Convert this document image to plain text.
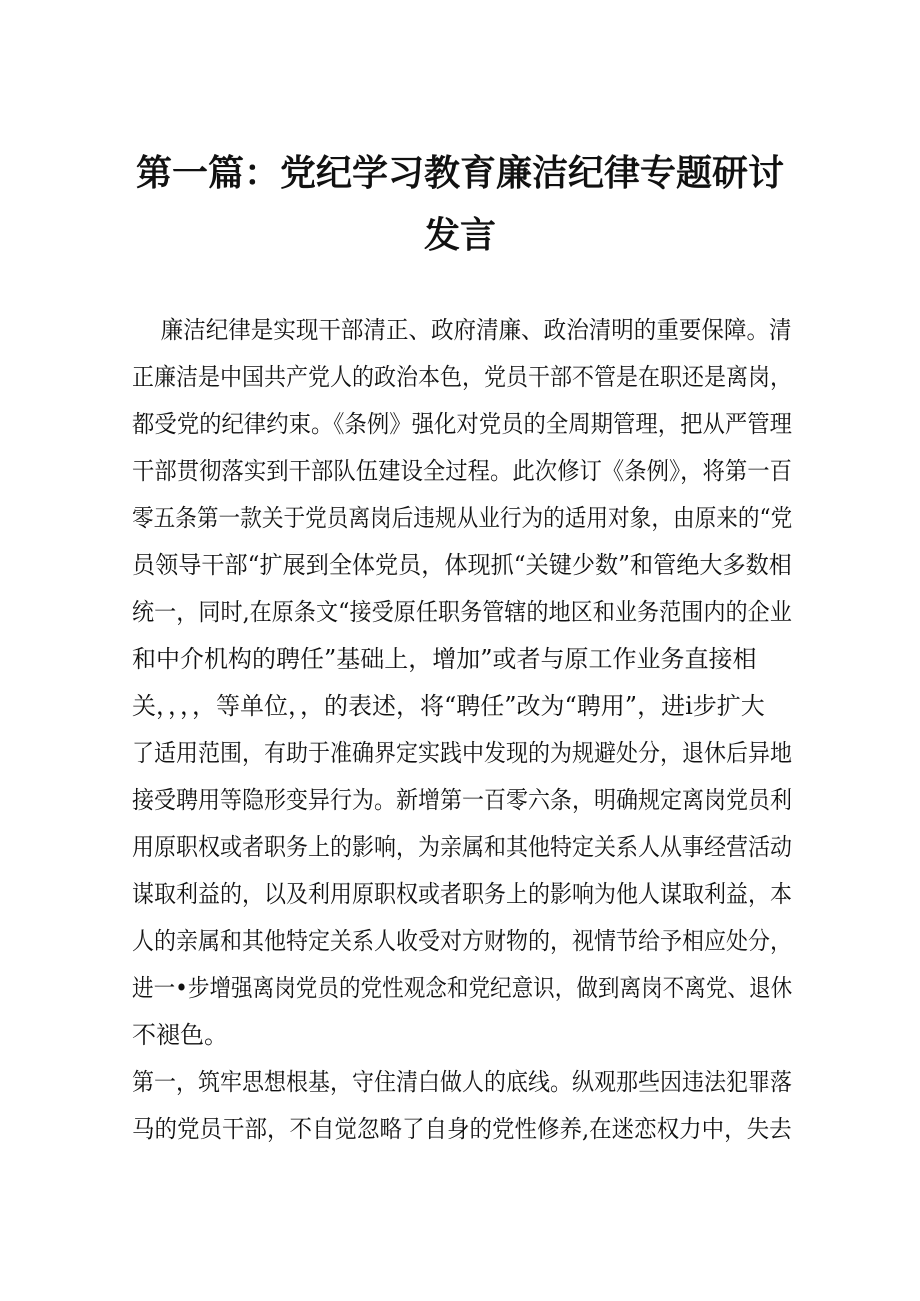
第一篇：党纪学习教育廉洁纪律专题研讨
发言
廉洁纪律是实现干部清正、政府清廉、政治清明的重要保障。清
正廉洁是中国共产党人的政治本色，党员干部不管是在职还是离岗，
都受党的纪律约束。《条例》强化对党员的全周期管理，把从严管理
干部贯彻落实到干部队伍建设全过程。此次修订《条例》，将第一百
零五条第一款关于党员离岗后违规从业行为的适用对象，由原来的“党
员领导干部“扩展到全体党员，体现抓“关键少数”和管绝大多数相
统一，同时,在原条文“接受原任职务管辖的地区和业务范围内的企业
和中介机构的聘任”基础上，增加”或者与原工作业务直接相
关，，，，等单位，，的表述，将“聘任”改为“聘用”，进i步扩大
了适用范围，有助于准确界定实践中发现的为规避处分，退休后异地
接受聘用等隐形变异行为。新增第一百零六条，明确规定离岗党员利
用原职权或者职务上的影响，为亲属和其他特定关系人从事经营活动
谋取利益的，以及利用原职权或者职务上的影响为他人谋取利益，本
人的亲属和其他特定关系人收受对方财物的，视情节给予相应处分，
进一•步增强离岗党员的党性观念和党纪意识，做到离岗不离党、退休
不褪色。
第一，筑牢思想根基，守住清白做人的底线。纵观那些因违法犯罪落
马的党员干部，不自觉忽略了自身的党性修养,在迷恋权力中，失去
